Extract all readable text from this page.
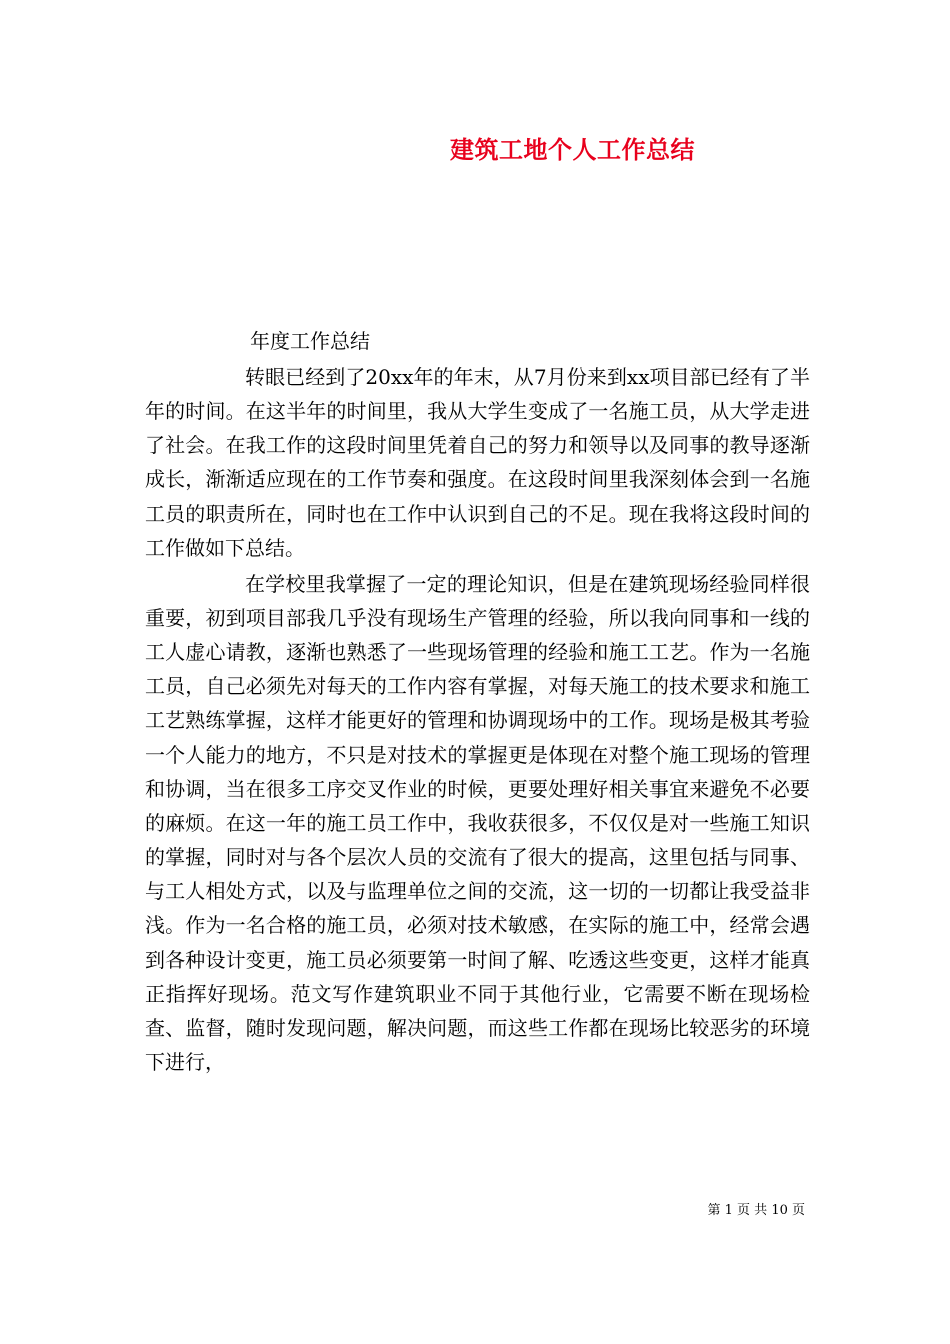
建筑工地个人工作总结
年度工作总结

转眼已经到了20xx年的年末，从7月份来到xx项目部已经有了半年的时间。在这半年的时间里，我从大学生变成了一名施工员，从大学走进了社会。在我工作的这段时间里凭着自己的努力和领导以及同事的教导逐渐成长，渐渐适应现在的工作节奏和强度。在这段时间里我深刻体会到一名施工员的职责所在，同时也在工作中认识到自己的不足。现在我将这段时间的工作做如下总结。

在学校里我掌握了一定的理论知识，但是在建筑现场经验同样很重要，初到项目部我几乎没有现场生产管理的经验，所以我向同事和一线的工人虚心请教，逐渐也熟悉了一些现场管理的经验和施工工艺。作为一名施工员，自己必须先对每天的工作内容有掌握，对每天施工的技术要求和施工工艺熟练掌握，这样才能更好的管理和协调现场中的工作。现场是极其考验一个人能力的地方，不只是对技术的掌握更是体现在对整个施工现场的管理和协调，当在很多工序交叉作业的时候，更要处理好相关事宜来避免不必要的麻烦。在这一年的施工员工作中，我收获很多，不仅仅是对一些施工知识的掌握，同时对与各个层次人员的交流有了很大的提高，这里包括与同事、与工人相处方式，以及与监理单位之间的交流，这一切的一切都让我受益非浅。作为一名合格的施工员，必须对技术敏感，在实际的施工中，经常会遇到各种设计变更，施工员必须要第一时间了解、吃透这些变更，这样才能真正指挥好现场。范文写作建筑职业不同于其他行业，它需要不断在现场检查、监督，随时发现问题，解决问题，而这些工作都在现场比较恶劣的环境下进行，

第 1 页 共 10 页
